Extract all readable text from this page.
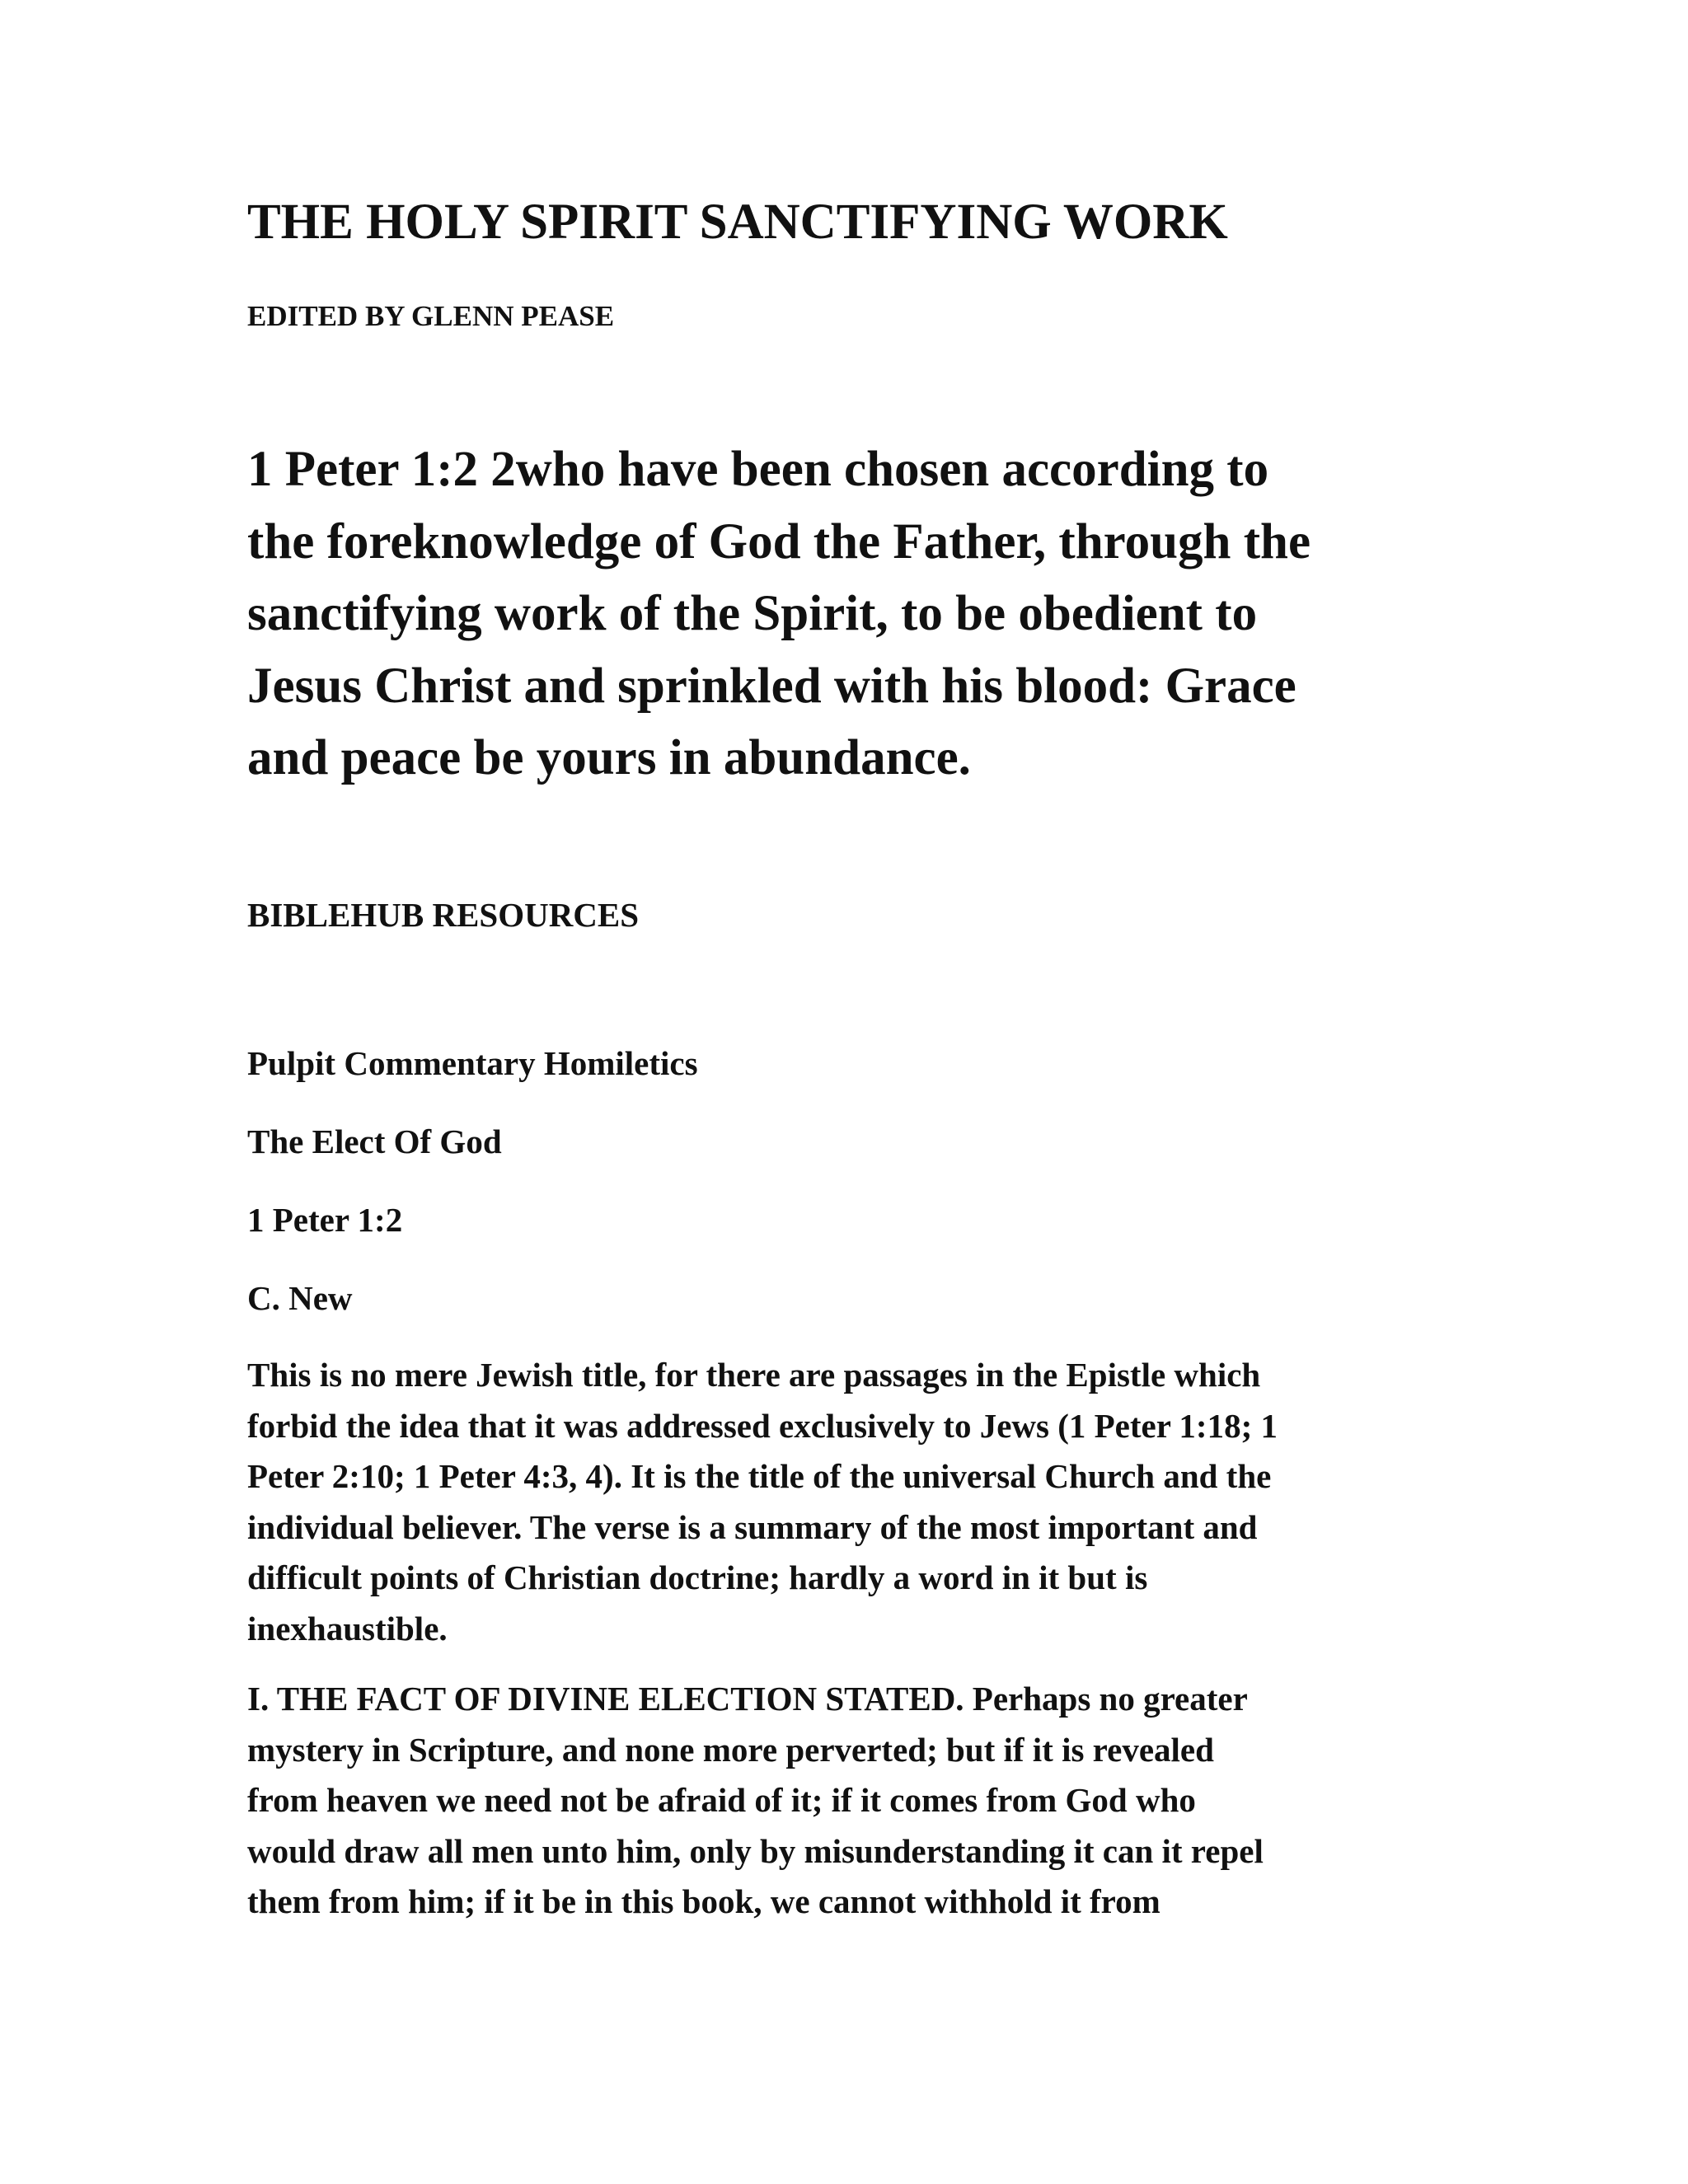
THE HOLY SPIRIT SANCTIFYING WORK

EDITED BY GLENN PEASE

1 Peter 1:2 2who have been chosen according to
the foreknowledge of God the Father, through the
sanctifying work of the Spirit, to be obedient to
Jesus Christ and sprinkled with his blood: Grace
and peace be yours in abundance.

BIBLEHUB RESOURCES

Pulpit Commentary Homiletics

The Elect Of God

1 Peter 1:2

C. New

This is no mere Jewish title, for there are passages in the Epistle which
forbid the idea that it was addressed exclusively to Jews (1 Peter 1:18; 1
Peter 2:10; 1 Peter 4:3, 4). It is the title of the universal Church and the
individual believer. The verse is a summary of the most important and
difficult points of Christian doctrine; hardly a word in it but is
inexhaustible.
I. THE FACT OF DIVINE ELECTION STATED. Perhaps no greater
mystery in Scripture, and none more perverted; but if it is revealed
from heaven we need not be afraid of it; if it comes from God who
would draw all men unto him, only by misunderstanding it can it repel
them from him; if it be in this book, we cannot withhold it from
